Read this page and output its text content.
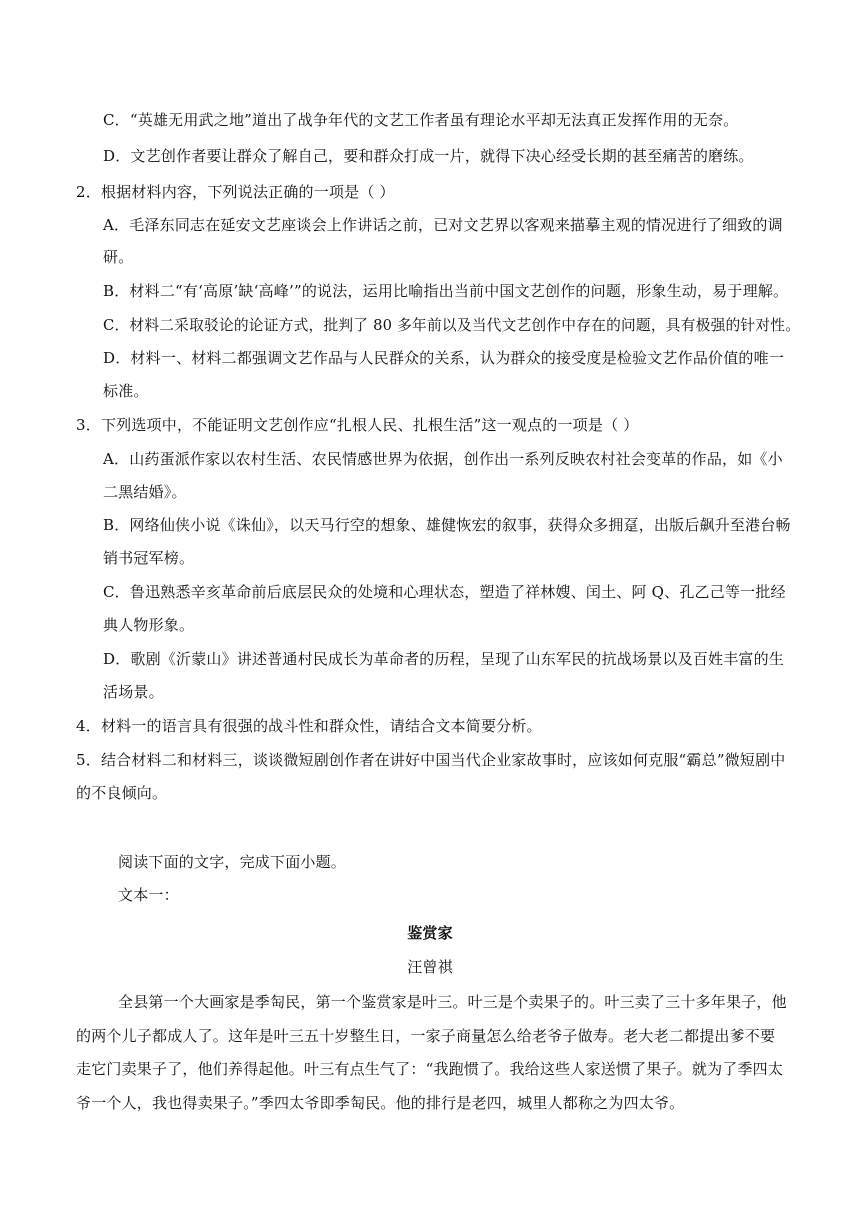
C．“英雄无用武之地”道出了战争年代的文艺工作者虽有理论水平却无法真正发挥作用的无奈。
D．文艺创作者要让群众了解自己，要和群众打成一片，就得下决心经受长期的甚至痛苦的磨练。
2．根据材料内容，下列说法正确的一项是（ ）
A．毛泽东同志在延安文艺座谈会上作讲话之前，已对文艺界以客观来描摹主观的情况进行了细致的调
研。
B．材料二“有‘高原’缺‘高峰’”的说法，运用比喻指出当前中国文艺创作的问题，形象生动，易于理解。
C．材料二采取驳论的论证方式，批判了 80 多年前以及当代文艺创作中存在的问题，具有极强的针对性。
D．材料一、材料二都强调文艺作品与人民群众的关系，认为群众的接受度是检验文艺作品价值的唯一
标准。
3．下列选项中，不能证明文艺创作应“扎根人民、扎根生活”这一观点的一项是（ ）
A．山药蛋派作家以农村生活、农民情感世界为依据，创作出一系列反映农村社会变革的作品，如《小
二黑结婚》。
B．网络仙侠小说《诛仙》，以天马行空的想象、雄健恢宏的叙事，获得众多拥趸，出版后飙升至港台畅
销书冠军榜。
C．鲁迅熟悉辛亥革命前后底层民众的处境和心理状态，塑造了祥林嫂、闰土、阿 Q、孔乙己等一批经
典人物形象。
D．歌剧《沂蒙山》讲述普通村民成长为革命者的历程，呈现了山东军民的抗战场景以及百姓丰富的生
活场景。
4．材料一的语言具有很强的战斗性和群众性，请结合文本简要分析。
5．结合材料二和材料三，谈谈微短剧创作者在讲好中国当代企业家故事时，应该如何克服“霸总”微短剧中
的不良倾向。
阅读下面的文字，完成下面小题。
文本一：
鉴赏家
汪曾祺
全县第一个大画家是季匋民，第一个鉴赏家是叶三。叶三是个卖果子的。叶三卖了三十多年果子，他
的两个儿子都成人了。这年是叶三五十岁整生日，一家子商量怎么给老爷子做寿。老大老二都提出爹不要
走它门卖果子了，他们养得起他。叶三有点生气了：“我跑惯了。我给这些人家送惯了果子。就为了季四太
爷一个人，我也得卖果子。”季四太爷即季匋民。他的排行是老四，城里人都称之为四太爷。
